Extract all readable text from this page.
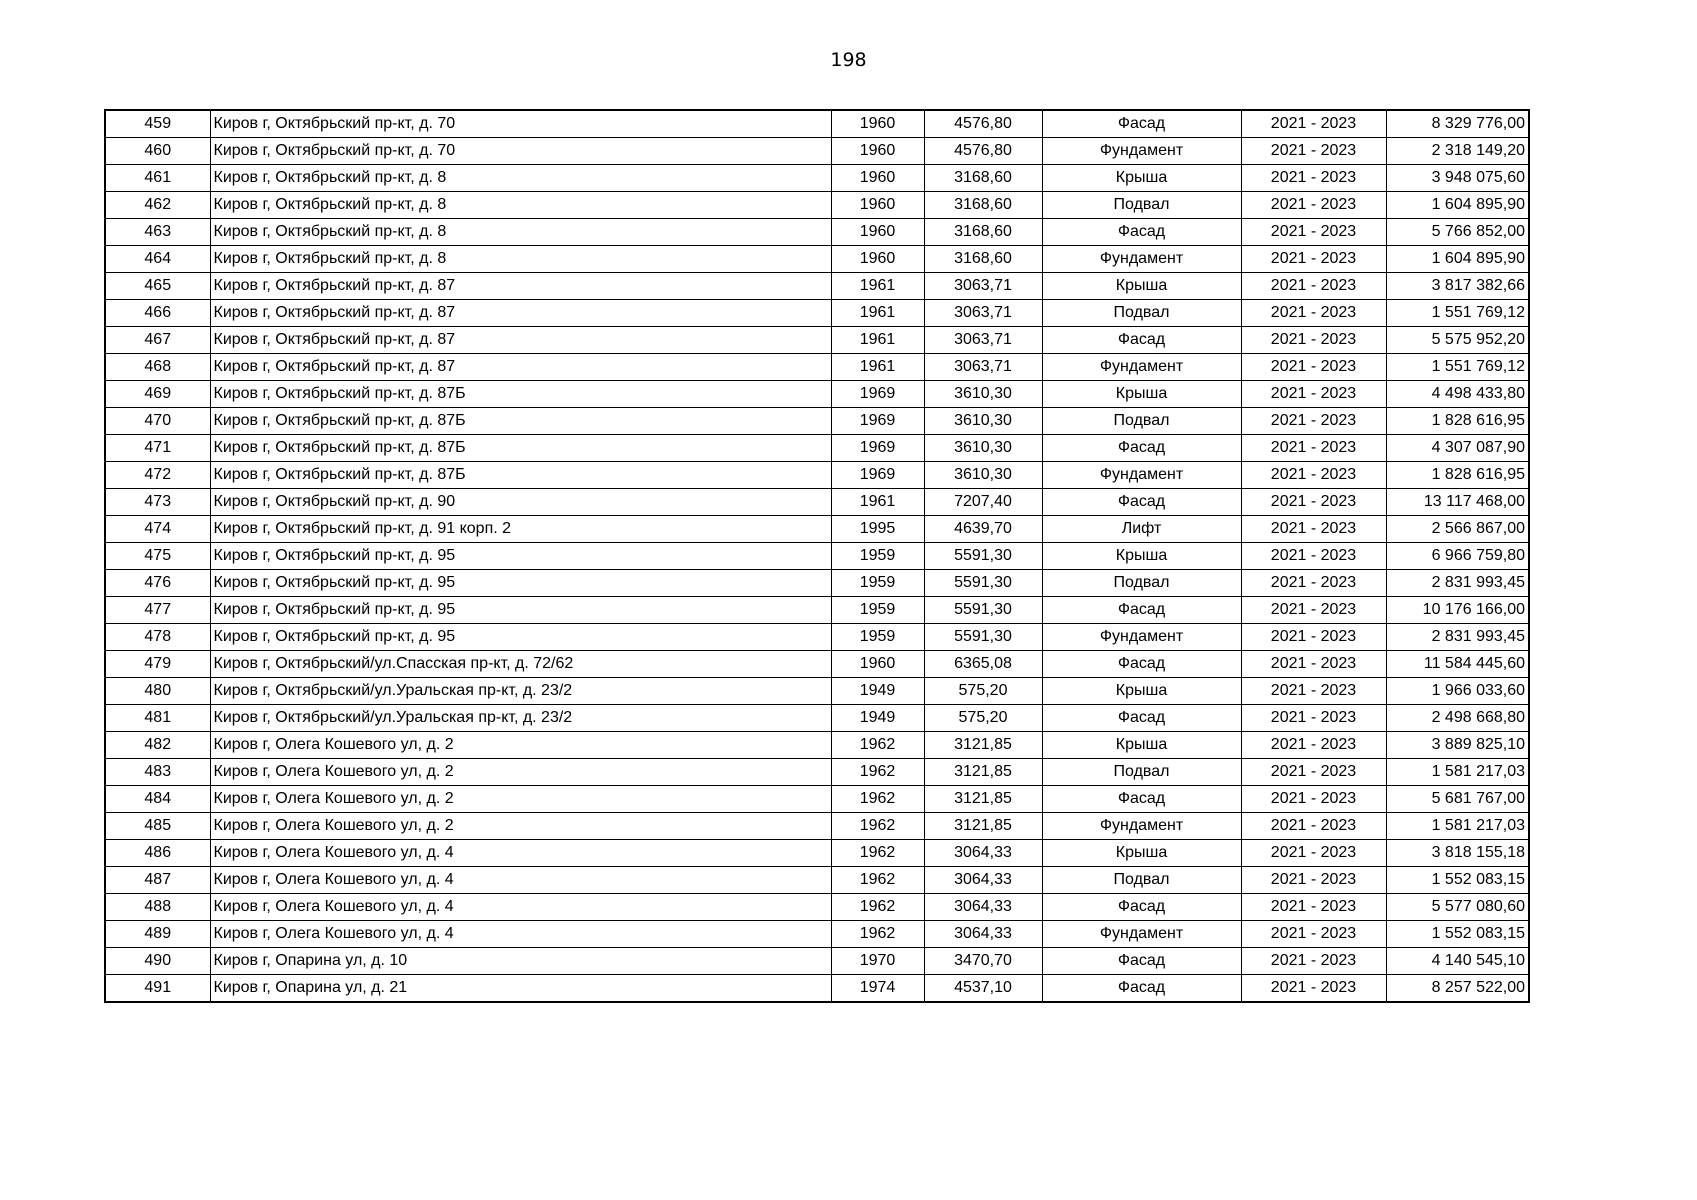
198
459	Киров г, Октябрьский пр-кт, д. 70	1960	4576,80	Фасад	2021 - 2023	8 329 776,00
460	Киров г, Октябрьский пр-кт, д. 70	1960	4576,80	Фундамент	2021 - 2023	2 318 149,20
461	Киров г, Октябрьский пр-кт, д. 8	1960	3168,60	Крыша	2021 - 2023	3 948 075,60
462	Киров г, Октябрьский пр-кт, д. 8	1960	3168,60	Подвал	2021 - 2023	1 604 895,90
463	Киров г, Октябрьский пр-кт, д. 8	1960	3168,60	Фасад	2021 - 2023	5 766 852,00
464	Киров г, Октябрьский пр-кт, д. 8	1960	3168,60	Фундамент	2021 - 2023	1 604 895,90
465	Киров г, Октябрьский пр-кт, д. 87	1961	3063,71	Крыша	2021 - 2023	3 817 382,66
466	Киров г, Октябрьский пр-кт, д. 87	1961	3063,71	Подвал	2021 - 2023	1 551 769,12
467	Киров г, Октябрьский пр-кт, д. 87	1961	3063,71	Фасад	2021 - 2023	5 575 952,20
468	Киров г, Октябрьский пр-кт, д. 87	1961	3063,71	Фундамент	2021 - 2023	1 551 769,12
469	Киров г, Октябрьский пр-кт, д. 87Б	1969	3610,30	Крыша	2021 - 2023	4 498 433,80
470	Киров г, Октябрьский пр-кт, д. 87Б	1969	3610,30	Подвал	2021 - 2023	1 828 616,95
471	Киров г, Октябрьский пр-кт, д. 87Б	1969	3610,30	Фасад	2021 - 2023	4 307 087,90
472	Киров г, Октябрьский пр-кт, д. 87Б	1969	3610,30	Фундамент	2021 - 2023	1 828 616,95
473	Киров г, Октябрьский пр-кт, д. 90	1961	7207,40	Фасад	2021 - 2023	13 117 468,00
474	Киров г, Октябрьский пр-кт, д. 91 корп. 2	1995	4639,70	Лифт	2021 - 2023	2 566 867,00
475	Киров г, Октябрьский пр-кт, д. 95	1959	5591,30	Крыша	2021 - 2023	6 966 759,80
476	Киров г, Октябрьский пр-кт, д. 95	1959	5591,30	Подвал	2021 - 2023	2 831 993,45
477	Киров г, Октябрьский пр-кт, д. 95	1959	5591,30	Фасад	2021 - 2023	10 176 166,00
478	Киров г, Октябрьский пр-кт, д. 95	1959	5591,30	Фундамент	2021 - 2023	2 831 993,45
479	Киров г, Октябрьский/ул.Спасская пр-кт, д. 72/62	1960	6365,08	Фасад	2021 - 2023	11 584 445,60
480	Киров г, Октябрьский/ул.Уральская пр-кт, д. 23/2	1949	575,20	Крыша	2021 - 2023	1 966 033,60
481	Киров г, Октябрьский/ул.Уральская пр-кт, д. 23/2	1949	575,20	Фасад	2021 - 2023	2 498 668,80
482	Киров г, Олега Кошевого ул, д. 2	1962	3121,85	Крыша	2021 - 2023	3 889 825,10
483	Киров г, Олега Кошевого ул, д. 2	1962	3121,85	Подвал	2021 - 2023	1 581 217,03
484	Киров г, Олега Кошевого ул, д. 2	1962	3121,85	Фасад	2021 - 2023	5 681 767,00
485	Киров г, Олега Кошевого ул, д. 2	1962	3121,85	Фундамент	2021 - 2023	1 581 217,03
486	Киров г, Олега Кошевого ул, д. 4	1962	3064,33	Крыша	2021 - 2023	3 818 155,18
487	Киров г, Олега Кошевого ул, д. 4	1962	3064,33	Подвал	2021 - 2023	1 552 083,15
488	Киров г, Олега Кошевого ул, д. 4	1962	3064,33	Фасад	2021 - 2023	5 577 080,60
489	Киров г, Олега Кошевого ул, д. 4	1962	3064,33	Фундамент	2021 - 2023	1 552 083,15
490	Киров г, Опарина ул, д. 10	1970	3470,70	Фасад	2021 - 2023	4 140 545,10
491	Киров г, Опарина ул, д. 21	1974	4537,10	Фасад	2021 - 2023	8 257 522,00
